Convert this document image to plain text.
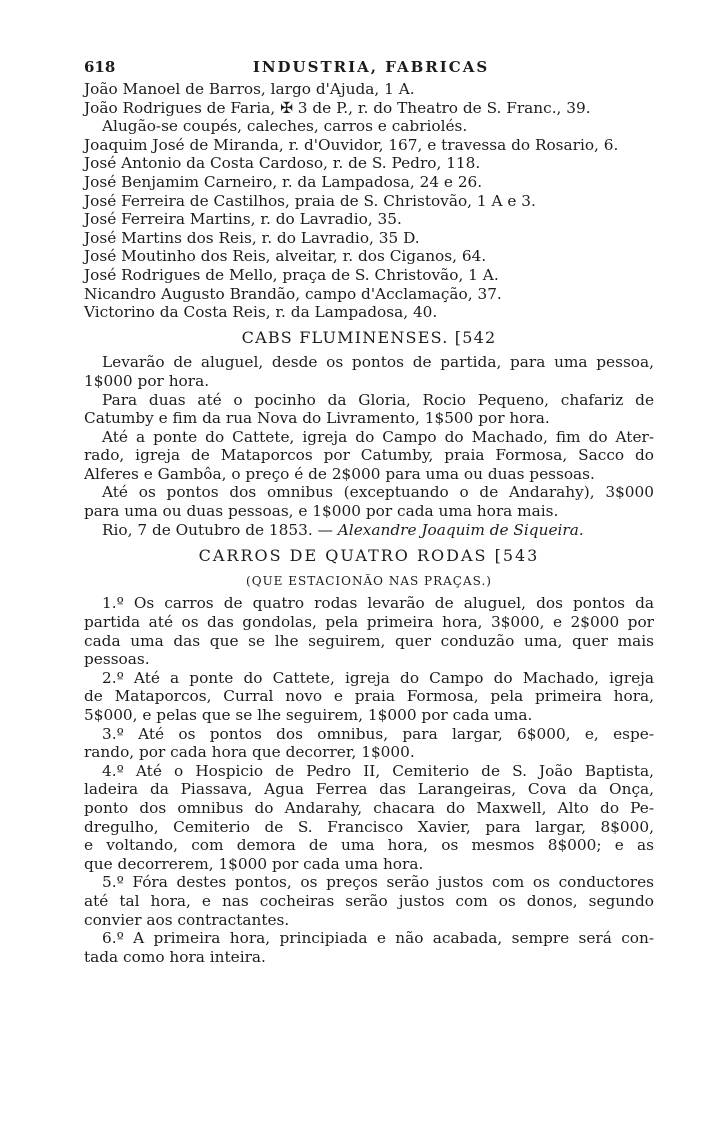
618	INDUSTRIA, FABRICAS
João Manoel de Barros, largo d'Ajuda, 1 A.
João Rodrigues de Faria, ✠ 3 de P., r. do Theatro de S. Franc., 39.
Alugão-se coupés, caleches, carros e cabriolés.
Joaquim José de Miranda, r. d'Ouvidor, 167, e travessa do Rosario, 6.
José Antonio da Costa Cardoso, r. de S. Pedro, 118.
José Benjamim Carneiro, r. da Lampadosa, 24 e 26.
José Ferreira de Castilhos, praia de S. Christovão, 1 A e 3.
José Ferreira Martins, r. do Lavradio, 35.
José Martins dos Reis, r. do Lavradio, 35 D.
José Moutinho dos Reis, alveitar, r. dos Ciganos, 64.
José Rodrigues de Mello, praça de S. Christovão, 1 A.
Nicandro Augusto Brandão, campo d'Acclamação, 37.
Victorino da Costa Reis, r. da Lampadosa, 40.
CABS FLUMINENSES. [542
Levarão de aluguel, desde os pontos de partida, para uma pessoa,
1$000 por hora.
Para duas até o pocinho da Gloria, Rocio Pequeno, chafariz de
Catumby e fim da rua Nova do Livramento, 1$500 por hora.
Até a ponte do Cattete, igreja do Campo do Machado, fim do Ater-
rado, igreja de Mataporcos por Catumby, praia Formosa, Sacco do
Alferes e Gambôa, o preço é de 2$000 para uma ou duas pessoas.
Até os pontos dos omnibus (exceptuando o de Andarahy), 3$000
para uma ou duas pessoas, e 1$000 por cada uma hora mais.
Rio, 7 de Outubro de 1853. — Alexandre Joaquim de Siqueira.
CARROS DE QUATRO RODAS [543
(QUE ESTACIONÃO NAS PRAÇAS.)
1.º Os carros de quatro rodas levarão de aluguel, dos pontos da
partida até os das gondolas, pela primeira hora, 3$000, e 2$000 por
cada uma das que se lhe seguirem, quer conduzão uma, quer mais
pessoas.
2.º Até a ponte do Cattete, igreja do Campo do Machado, igreja
de Mataporcos, Curral novo e praia Formosa, pela primeira hora,
5$000, e pelas que se lhe seguirem, 1$000 por cada uma.
3.º Até os pontos dos omnibus, para largar, 6$000, e, espe-
rando, por cada hora que decorrer, 1$000.
4.º Até o Hospicio de Pedro II, Cemiterio de S. João Baptista,
ladeira da Piassava, Agua Ferrea das Larangeiras, Cova da Onça,
ponto dos omnibus do Andarahy, chacara do Maxwell, Alto do Pe-
dregulho, Cemiterio de S. Francisco Xavier, para largar, 8$000,
e voltando, com demora de uma hora, os mesmos 8$000; e as
que decorrerem, 1$000 por cada uma hora.
5.º Fóra destes pontos, os preços serão justos com os conductores
até tal hora, e nas cocheiras serão justos com os donos, segundo
convier aos contractantes.
6.º A primeira hora, principiada e não acabada, sempre será con-
tada como hora inteira.
